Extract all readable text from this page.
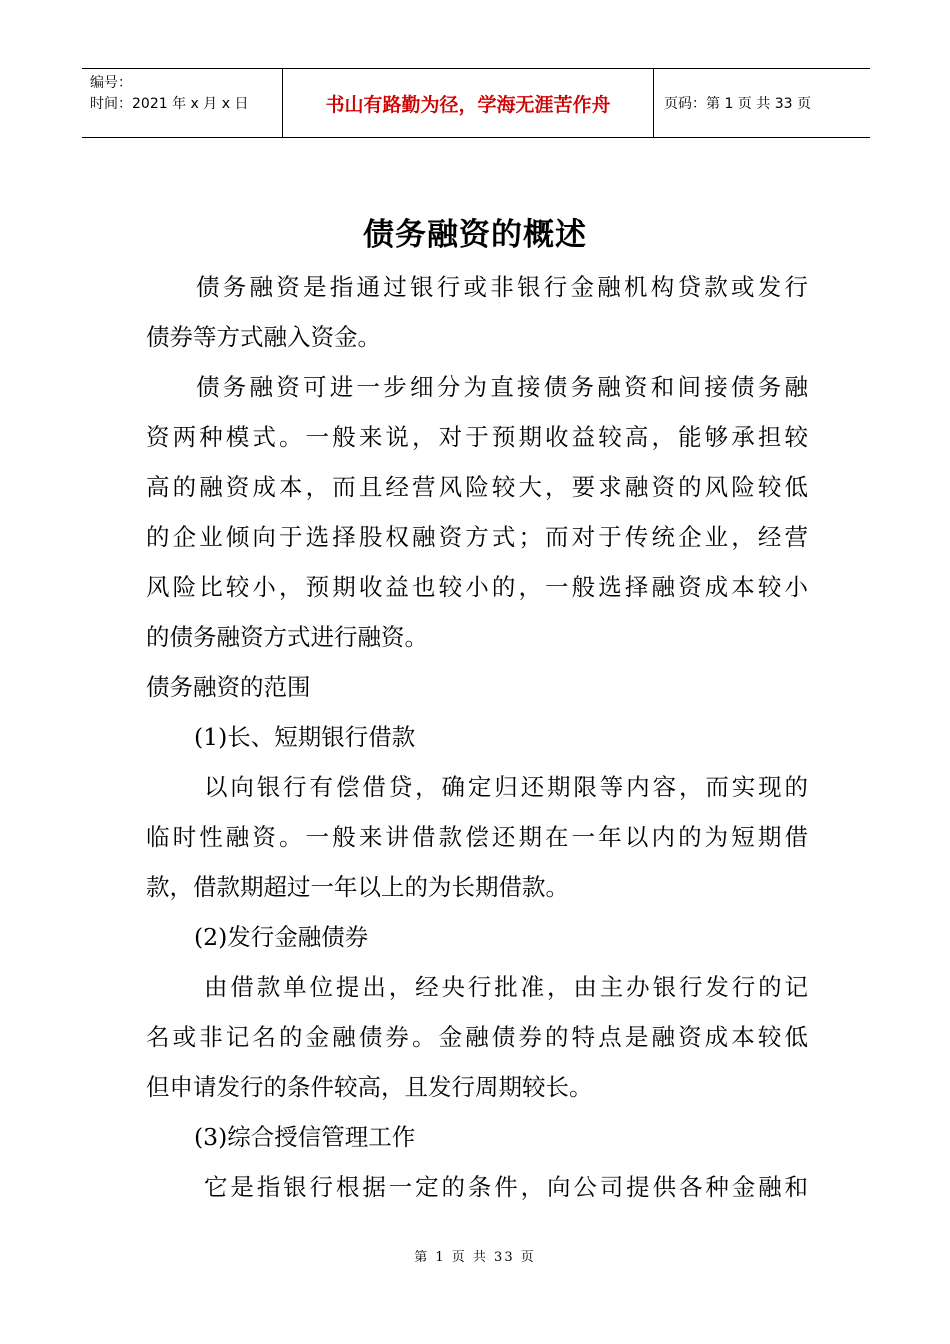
编号：
时间：2021 年 x 月 x 日	书山有路勤为径，学海无涯苦作舟	页码：第 1 页 共 33 页
债务融资的概述
债务融资是指通过银行或非银行金融机构贷款或发行
债券等方式融入资金。
债务融资可进一步细分为直接债务融资和间接债务融
资两种模式。一般来说，对于预期收益较高，能够承担较
高的融资成本，而且经营风险较大，要求融资的风险较低
的企业倾向于选择股权融资方式；而对于传统企业，经营
风险比较小，预期收益也较小的，一般选择融资成本较小
的债务融资方式进行融资。
债务融资的范围
(1)长、短期银行借款
以向银行有偿借贷，确定归还期限等内容，而实现的
临时性融资。一般来讲借款偿还期在一年以内的为短期借
款，借款期超过一年以上的为长期借款。
(2)发行金融债券
由借款单位提出，经央行批准，由主办银行发行的记
名或非记名的金融债券。金融债券的特点是融资成本较低
但申请发行的条件较高，且发行周期较长。
(3)综合授信管理工作
它是指银行根据一定的条件，向公司提供各种金融和
第 1 页 共 33 页
